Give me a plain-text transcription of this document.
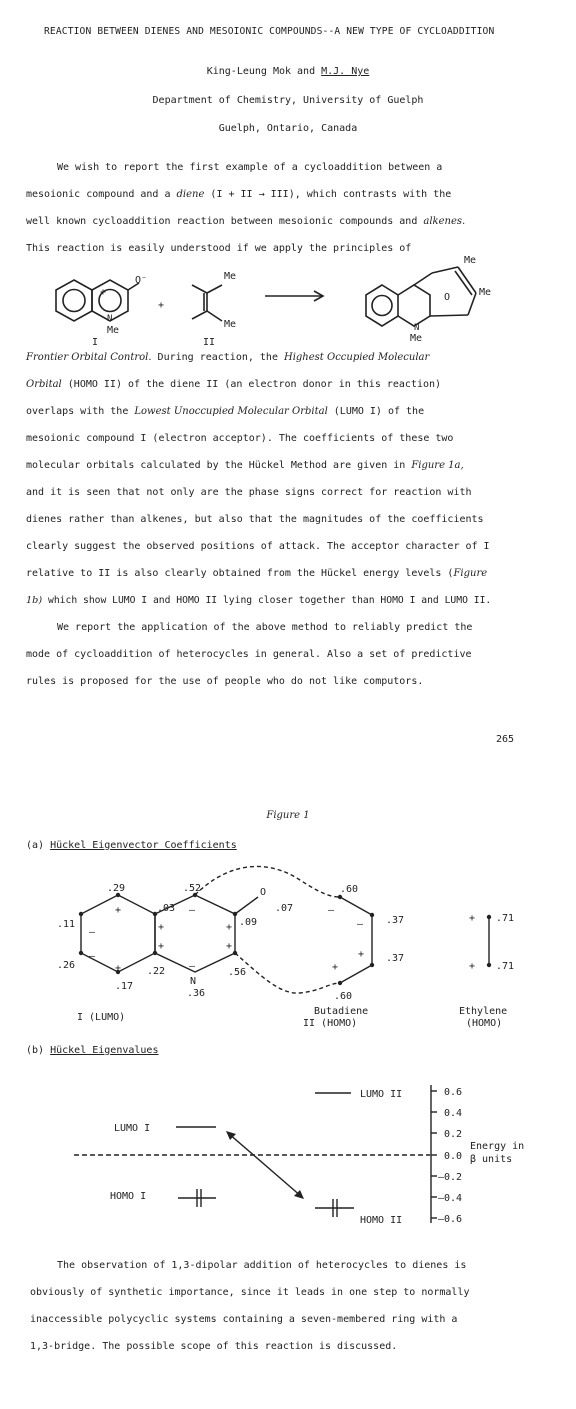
REACTION BETWEEN DIENES AND MESOIONIC COMPOUNDS--A NEW TYPE OF CYCLOADDITION
King-Leung Mok and M.J. Nye
Department of Chemistry, University of Guelph
Guelph, Ontario, Canada
We wish to report the first example of a cycloaddition between a
mesoionic compound and a diene (I + II → III), which contrasts with the
well known cycloaddition reaction between mesoionic compounds and alkenes.
This reaction is easily understood if we apply the principles of
+
O⁻
N
Me
I
+
Me
Me
II
Me
Me
O
N
Me
Frontier Orbital Control. During reaction, the Highest Occupied Molecular
Orbital (HOMO II) of the diene II (an electron donor in this reaction)
overlaps with the Lowest Unoccupied Molecular Orbital (LUMO I) of the
mesoionic compound I (electron acceptor). The coefficients of these two
molecular orbitals calculated by the Hückel Method are given in Figure 1a,
and it is seen that not only are the phase signs correct for reaction with
dienes rather than alkenes, but also that the magnitudes of the coefficients
clearly suggest the observed positions of attack. The acceptor character of I
relative to II is also clearly obtained from the Hückel energy levels (Figure
1b) which show LUMO I and HOMO II lying closer together than HOMO I and LUMO II.
We report the application of the above method to reliably predict the
mode of cycloaddition of heterocycles in general. Also a set of predictive
rules is proposed for the use of people who do not like computors.
265
Figure 1
(a) Hückel Eigenvector Coefficients
.29	.52
.03
.11
.26
.17
.22
N
.36
.56
.09
O
.07
.60
.37
.37
.60
.71
.71
+
–
–
+
+
+
–
–
+
+
–
–
+
+
+
+
I (LUMO)
Butadiene
II (HOMO)
Ethylene
(HOMO)
(b) Hückel Eigenvalues
LUMO II
LUMO I
HOMO I
HOMO II
Energy in
β units
0.6
0.4
0.2
0.0
–0.2
–0.4
–0.6
The observation of 1,3-dipolar addition of heterocycles to dienes is
obviously of synthetic importance, since it leads in one step to normally
inaccessible polycyclic systems containing a seven-membered ring with a
1,3-bridge. The possible scope of this reaction is discussed.
